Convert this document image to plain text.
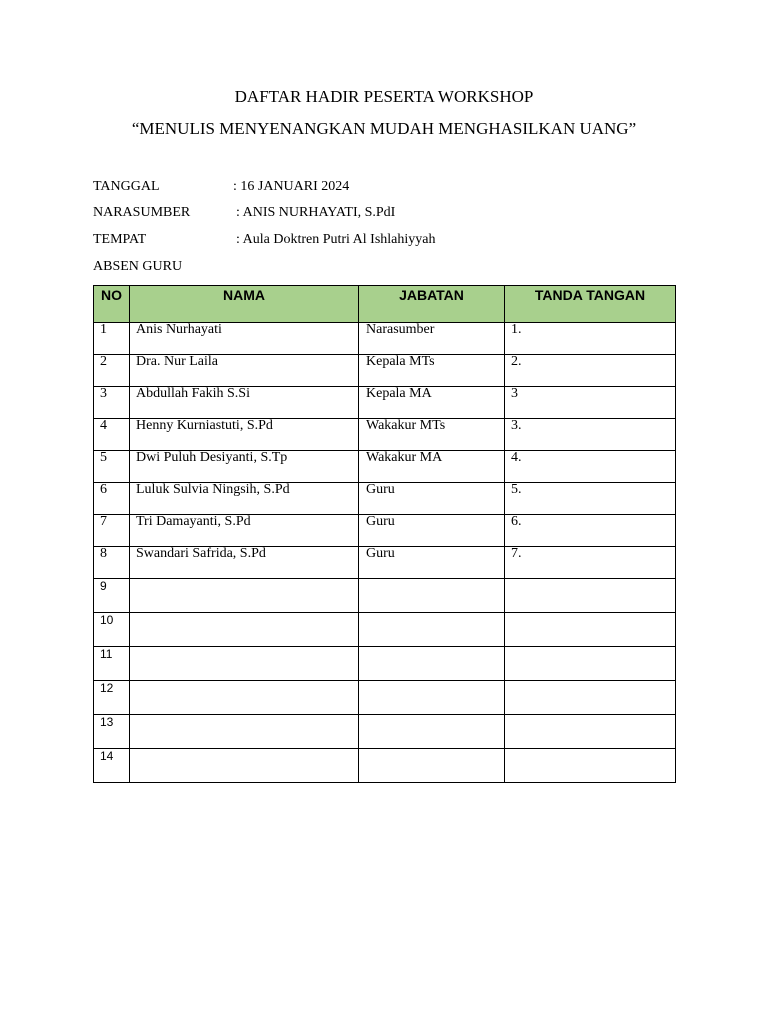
DAFTAR HADIR PESERTA WORKSHOP
“MENULIS MENYENANGKAN MUDAH MENGHASILKAN UANG”
TANGGAL	: 16 JANUARI 2024
NARASUMBER	: ANIS NURHAYATI, S.PdI
TEMPAT	: Aula Doktren Putri Al Ishlahiyyah
ABSEN GURU
NO	NAMA	JABATAN	TANDA TANGAN

1	Anis Nurhayati	Narasumber	1.

2	Dra. Nur Laila	Kepala MTs	2.

3	Abdullah Fakih S.Si	Kepala MA	3

4	Henny Kurniastuti, S.Pd	Wakakur MTs	3.

5	Dwi Puluh Desiyanti, S.Tp	Wakakur MA	4.

6	Luluk Sulvia Ningsih, S.Pd	Guru	5.

7	Tri Damayanti, S.Pd	Guru	6.

8	Swandari Safrida, S.Pd	Guru	7.

9			

10			

11			

12			

13			

14			
